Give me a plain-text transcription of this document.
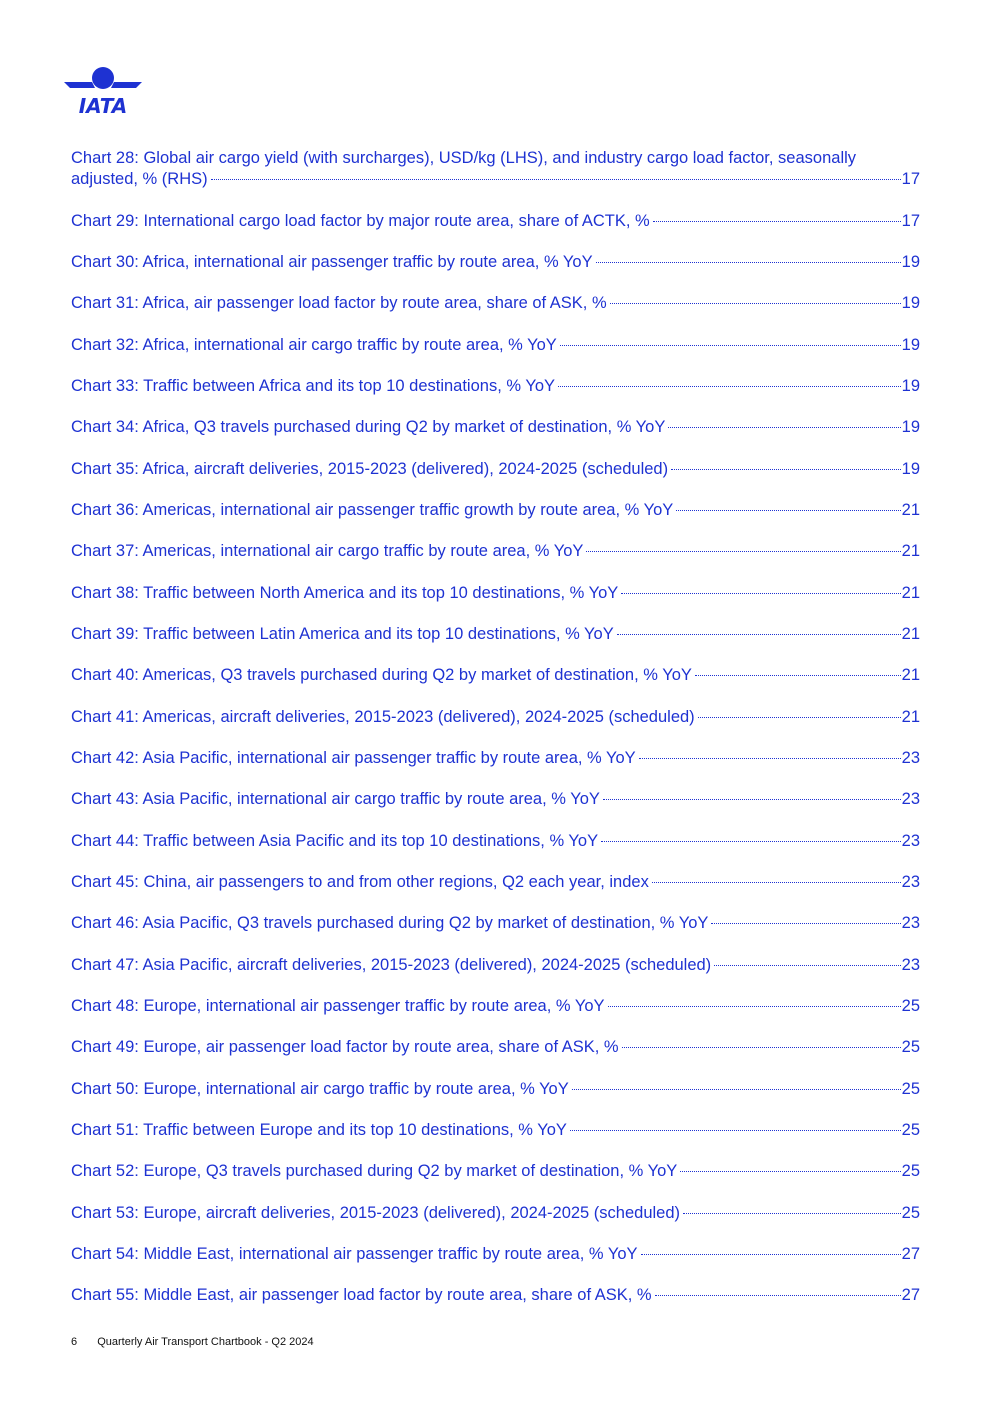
IATA
Chart 28: Global air cargo yield (with surcharges), USD/kg (LHS), and industry cargo load factor, seasonally
adjusted, % (RHS)	17
Chart 29: International cargo load factor by major route area, share of ACTK, %	17
Chart 30: Africa, international air passenger traffic by route area, % YoY	19
Chart 31: Africa, air passenger load factor by route area, share of ASK, %	19
Chart 32: Africa, international air cargo traffic by route area, % YoY	19
Chart 33: Traffic between Africa and its top 10 destinations, % YoY	19
Chart 34: Africa, Q3 travels purchased during Q2 by market of destination, % YoY	19
Chart 35: Africa, aircraft deliveries, 2015-2023 (delivered), 2024-2025 (scheduled)	19
Chart 36: Americas, international air passenger traffic growth by route area, % YoY	21
Chart 37: Americas, international air cargo traffic by route area, % YoY	21
Chart 38: Traffic between North America and its top 10 destinations, % YoY	21
Chart 39: Traffic between Latin America and its top 10 destinations, % YoY	21
Chart 40: Americas, Q3 travels purchased during Q2 by market of destination, % YoY	21
Chart 41: Americas, aircraft deliveries, 2015-2023 (delivered), 2024-2025 (scheduled)	21
Chart 42: Asia Pacific, international air passenger traffic by route area, % YoY	23
Chart 43: Asia Pacific, international air cargo traffic by route area, % YoY	23
Chart 44: Traffic between Asia Pacific and its top 10 destinations, % YoY	23
Chart 45: China, air passengers to and from other regions, Q2 each year, index	23
Chart 46: Asia Pacific, Q3 travels purchased during Q2 by market of destination, % YoY	23
Chart 47: Asia Pacific, aircraft deliveries, 2015-2023 (delivered), 2024-2025 (scheduled)	23
Chart 48: Europe, international air passenger traffic by route area, % YoY	25
Chart 49: Europe, air passenger load factor by route area, share of ASK, %	25
Chart 50: Europe, international air cargo traffic by route area, % YoY	25
Chart 51: Traffic between Europe and its top 10 destinations, % YoY	25
Chart 52: Europe, Q3 travels purchased during Q2 by market of destination, % YoY	25
Chart 53: Europe, aircraft deliveries, 2015-2023 (delivered), 2024-2025 (scheduled)	25
Chart 54: Middle East, international air passenger traffic by route area, % YoY	27
Chart 55: Middle East, air passenger load factor by route area, share of ASK, %	27
6 Quarterly Air Transport Chartbook - Q2 2024
